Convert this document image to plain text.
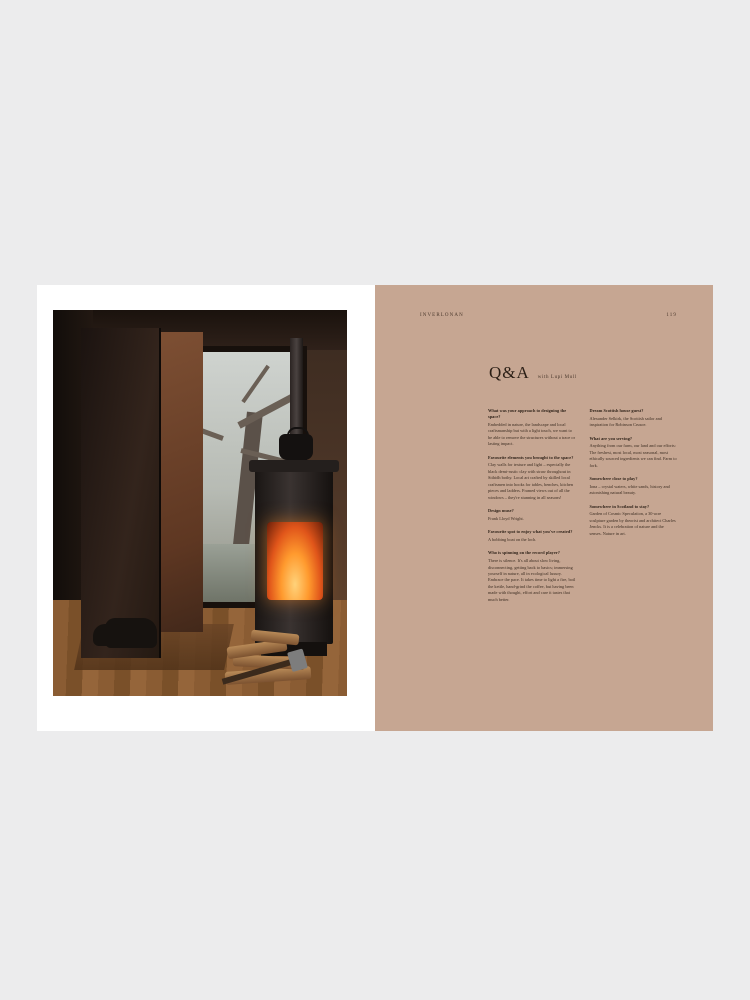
INVERLONAN	119
Q&A with Lupi Mull

What was your approach to designing the space?

Embedded in nature, the landscape and local craftsmanship but with a light touch, we want to be able to remove the structures without a trace or lasting impact.

Favourite elements you brought to the space?

Clay walls for texture and light – especially the black demi-rustic clay with straw throughout in Sithidh bothy. Local art crafted by skilled local craftsmen into hooks for tables, benches, kitchen pieces and ladders. Framed views out of all the windows – they're stunning in all seasons!

Design muse?

Frank Lloyd Wright.

Favourite spot to enjoy what you've created?

A bobbing boat on the loch.

Who is spinning on the record player?

There is silence. It's all about slow living, disconnecting, getting back to basics; immersing yourself in nature, all in ecological luxury. Embrace the pace. It takes time to light a fire, boil the kettle, hand-grind the coffee, but having been made with thought, effort and care it tastes that much better.

Dream Scottish house guest?

Alexander Selkirk, the Scottish sailor and inspiration for Robinson Crusoe.

What are you serving?

Anything from our farm, our land and our efforts: The freshest, most local, most seasonal, most ethically sourced ingredients we can find. Farm to fork.

Somewhere close to play?

Iona – crystal waters, white sands, history and astonishing natural beauty.

Somewhere in Scotland to stay?

Garden of Cosmic Speculation, a 30-acre sculpture garden by theorist and architect Charles Jencks. It is a celebration of nature and the senses. Nature in art.
